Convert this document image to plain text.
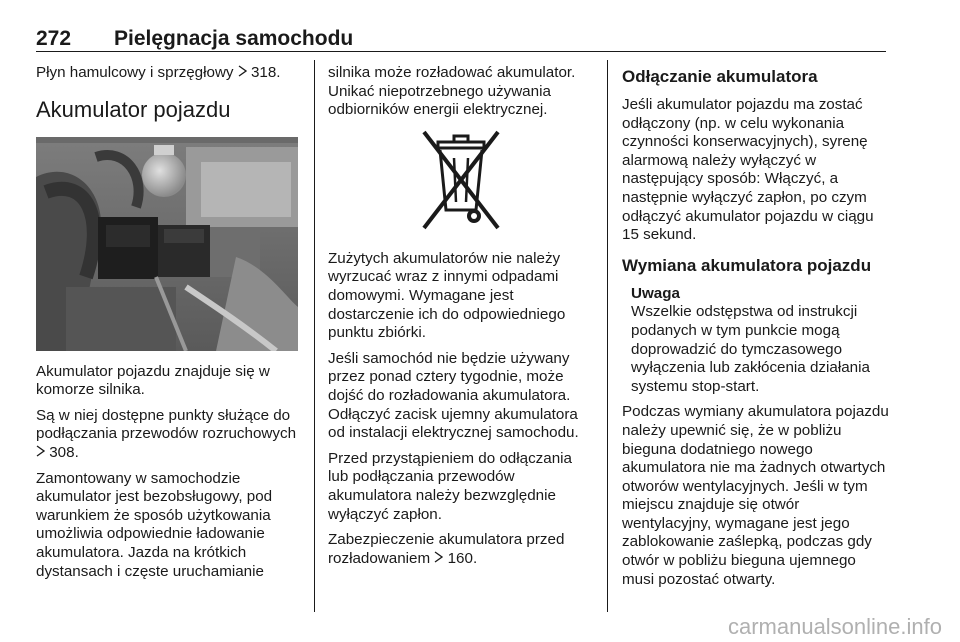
272 Pielęgnacja samochodu

Płyn hamulcowy i sprzęgłowy  318.

Akumulator pojazdu

Akumulator pojazdu znajduje się w komorze silnika.

Są w niej dostępne punkty służące do podłączania przewodów rozruchowych  308.

Zamontowany w samochodzie akumulator jest bezobsługowy, pod warunkiem że sposób użytkowania umożliwia odpowiednie ładowanie akumulatora. Jazda na krótkich dystansach i częste uruchamianie

silnika może rozładować akumulator. Unikać niepotrzebnego używania odbiorników energii elektrycznej.

Zużytych akumulatorów nie należy wyrzucać wraz z innymi odpadami domowymi. Wymagane jest dostarczenie ich do odpowiedniego punktu zbiórki.

Jeśli samochód nie będzie używany przez ponad cztery tygodnie, może dojść do rozładowania akumulatora. Odłączyć zacisk ujemny akumulatora od instalacji elektrycznej samochodu.

Przed przystąpieniem do odłączania lub podłączania przewodów akumulatora należy bezwzględnie wyłączyć zapłon.

Zabezpieczenie akumulatora przed rozładowaniem  160.

Odłączanie akumulatora

Jeśli akumulator pojazdu ma zostać odłączony (np. w celu wykonania czynności konserwacyjnych), syrenę alarmową należy wyłączyć w następujący sposób: Włączyć, a następnie wyłączyć zapłon, po czym odłączyć akumulator pojazdu w ciągu 15 sekund.

Wymiana akumulatora pojazdu
Uwaga

Wszelkie odstępstwa od instrukcji podanych w tym punkcie mogą doprowadzić do tymczasowego wyłączenia lub zakłócenia działania systemu stop-start.

Podczas wymiany akumulatora pojazdu należy upewnić się, że w pobliżu bieguna dodatniego nowego akumulatora nie ma żadnych otwartych otworów wentylacyjnych. Jeśli w tym miejscu znajduje się otwór wentylacyjny, wymagane jest jego zablokowanie zaślepką, podczas gdy otwór w pobliżu bieguna ujemnego musi pozostać otwarty.

carmanualsonline.info
